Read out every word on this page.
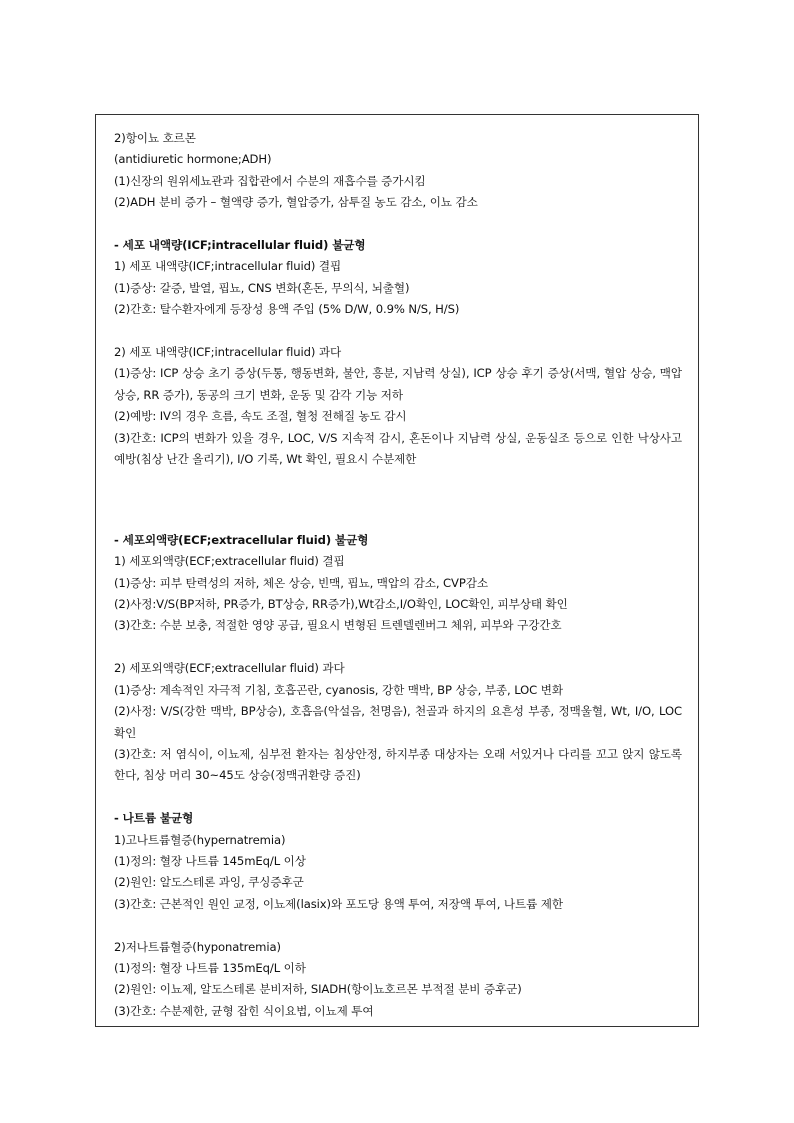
2)항이뇨 호르몬
(antidiuretic hormone;ADH)
(1)신장의 원위세뇨관과 집합관에서 수분의 재흡수를 증가시킴
(2)ADH 분비 증가 – 혈액량 증가, 혈압증가, 삼투질 농도 감소, 이뇨 감소
- 세포 내액량(ICF;intracellular fluid) 불균형
1) 세포 내액량(ICF;intracellular fluid) 결핍
(1)증상: 갈증, 발열, 핍뇨, CNS 변화(혼돈, 무의식, 뇌출혈)
(2)간호: 탈수환자에게 등장성 용액 주입 (5% D/W, 0.9% N/S, H/S)
2) 세포 내액량(ICF;intracellular fluid) 과다
(1)증상: ICP 상승 초기 증상(두통, 행동변화, 불안, 흥분, 지남력 상실), ICP 상승 후기 증상(서맥, 혈압 상승, 맥압 상승, RR 증가), 동공의 크기 변화, 운동 및 감각 기능 저하
(2)예방: IV의 경우 흐름, 속도 조절, 혈청 전해질 농도 감시
(3)간호: ICP의 변화가 있을 경우, LOC, V/S 지속적 감시, 혼돈이나 지남력 상실, 운동실조 등으로 인한 낙상사고 예방(침상 난간 올리기), I/O 기록, Wt 확인, 필요시 수분제한
- 세포외액량(ECF;extracellular fluid) 불균형
1) 세포외액량(ECF;extracellular fluid) 결핍
(1)증상: 피부 탄력성의 저하, 체온 상승, 빈맥, 핍뇨, 맥압의 감소, CVP감소
(2)사정:V/S(BP저하, PR증가, BT상승, RR증가),Wt감소,I/O확인, LOC확인, 피부상태 확인
(3)간호: 수분 보충, 적절한 영양 공급, 필요시 변형된 트렌델렌버그 체위, 피부와 구강간호
2) 세포외액량(ECF;extracellular fluid) 과다
(1)증상: 계속적인 자극적 기침, 호흡곤란, cyanosis, 강한 맥박, BP 상승, 부종, LOC 변화
(2)사정: V/S(강한 맥박, BP상승), 호흡음(악설음, 천명음), 천골과 하지의 요흔성 부종, 정맥울혈, Wt, I/O, LOC 확인
(3)간호: 저 염식이, 이뇨제, 심부전 환자는 침상안정, 하지부종 대상자는 오래 서있거나 다리를 꼬고 앉지 않도록 한다, 침상 머리 30~45도 상승(정맥귀환량 증진)
- 나트륨 불균형
1)고나트륨혈증(hypernatremia)
(1)정의: 혈장 나트륨 145mEq/L 이상
(2)원인: 알도스테론 과잉, 쿠싱증후군
(3)간호: 근본적인 원인 교정, 이뇨제(lasix)와 포도당 용액 투여, 저장액 투여, 나트륨 제한
2)저나트륨혈증(hyponatremia)
(1)정의: 혈장 나트륨 135mEq/L 이하
(2)원인: 이뇨제, 알도스테론 분비저하, SIADH(항이뇨호르몬 부적절 분비 증후군)
(3)간호: 수분제한, 균형 잡힌 식이요법, 이뇨제 투여
